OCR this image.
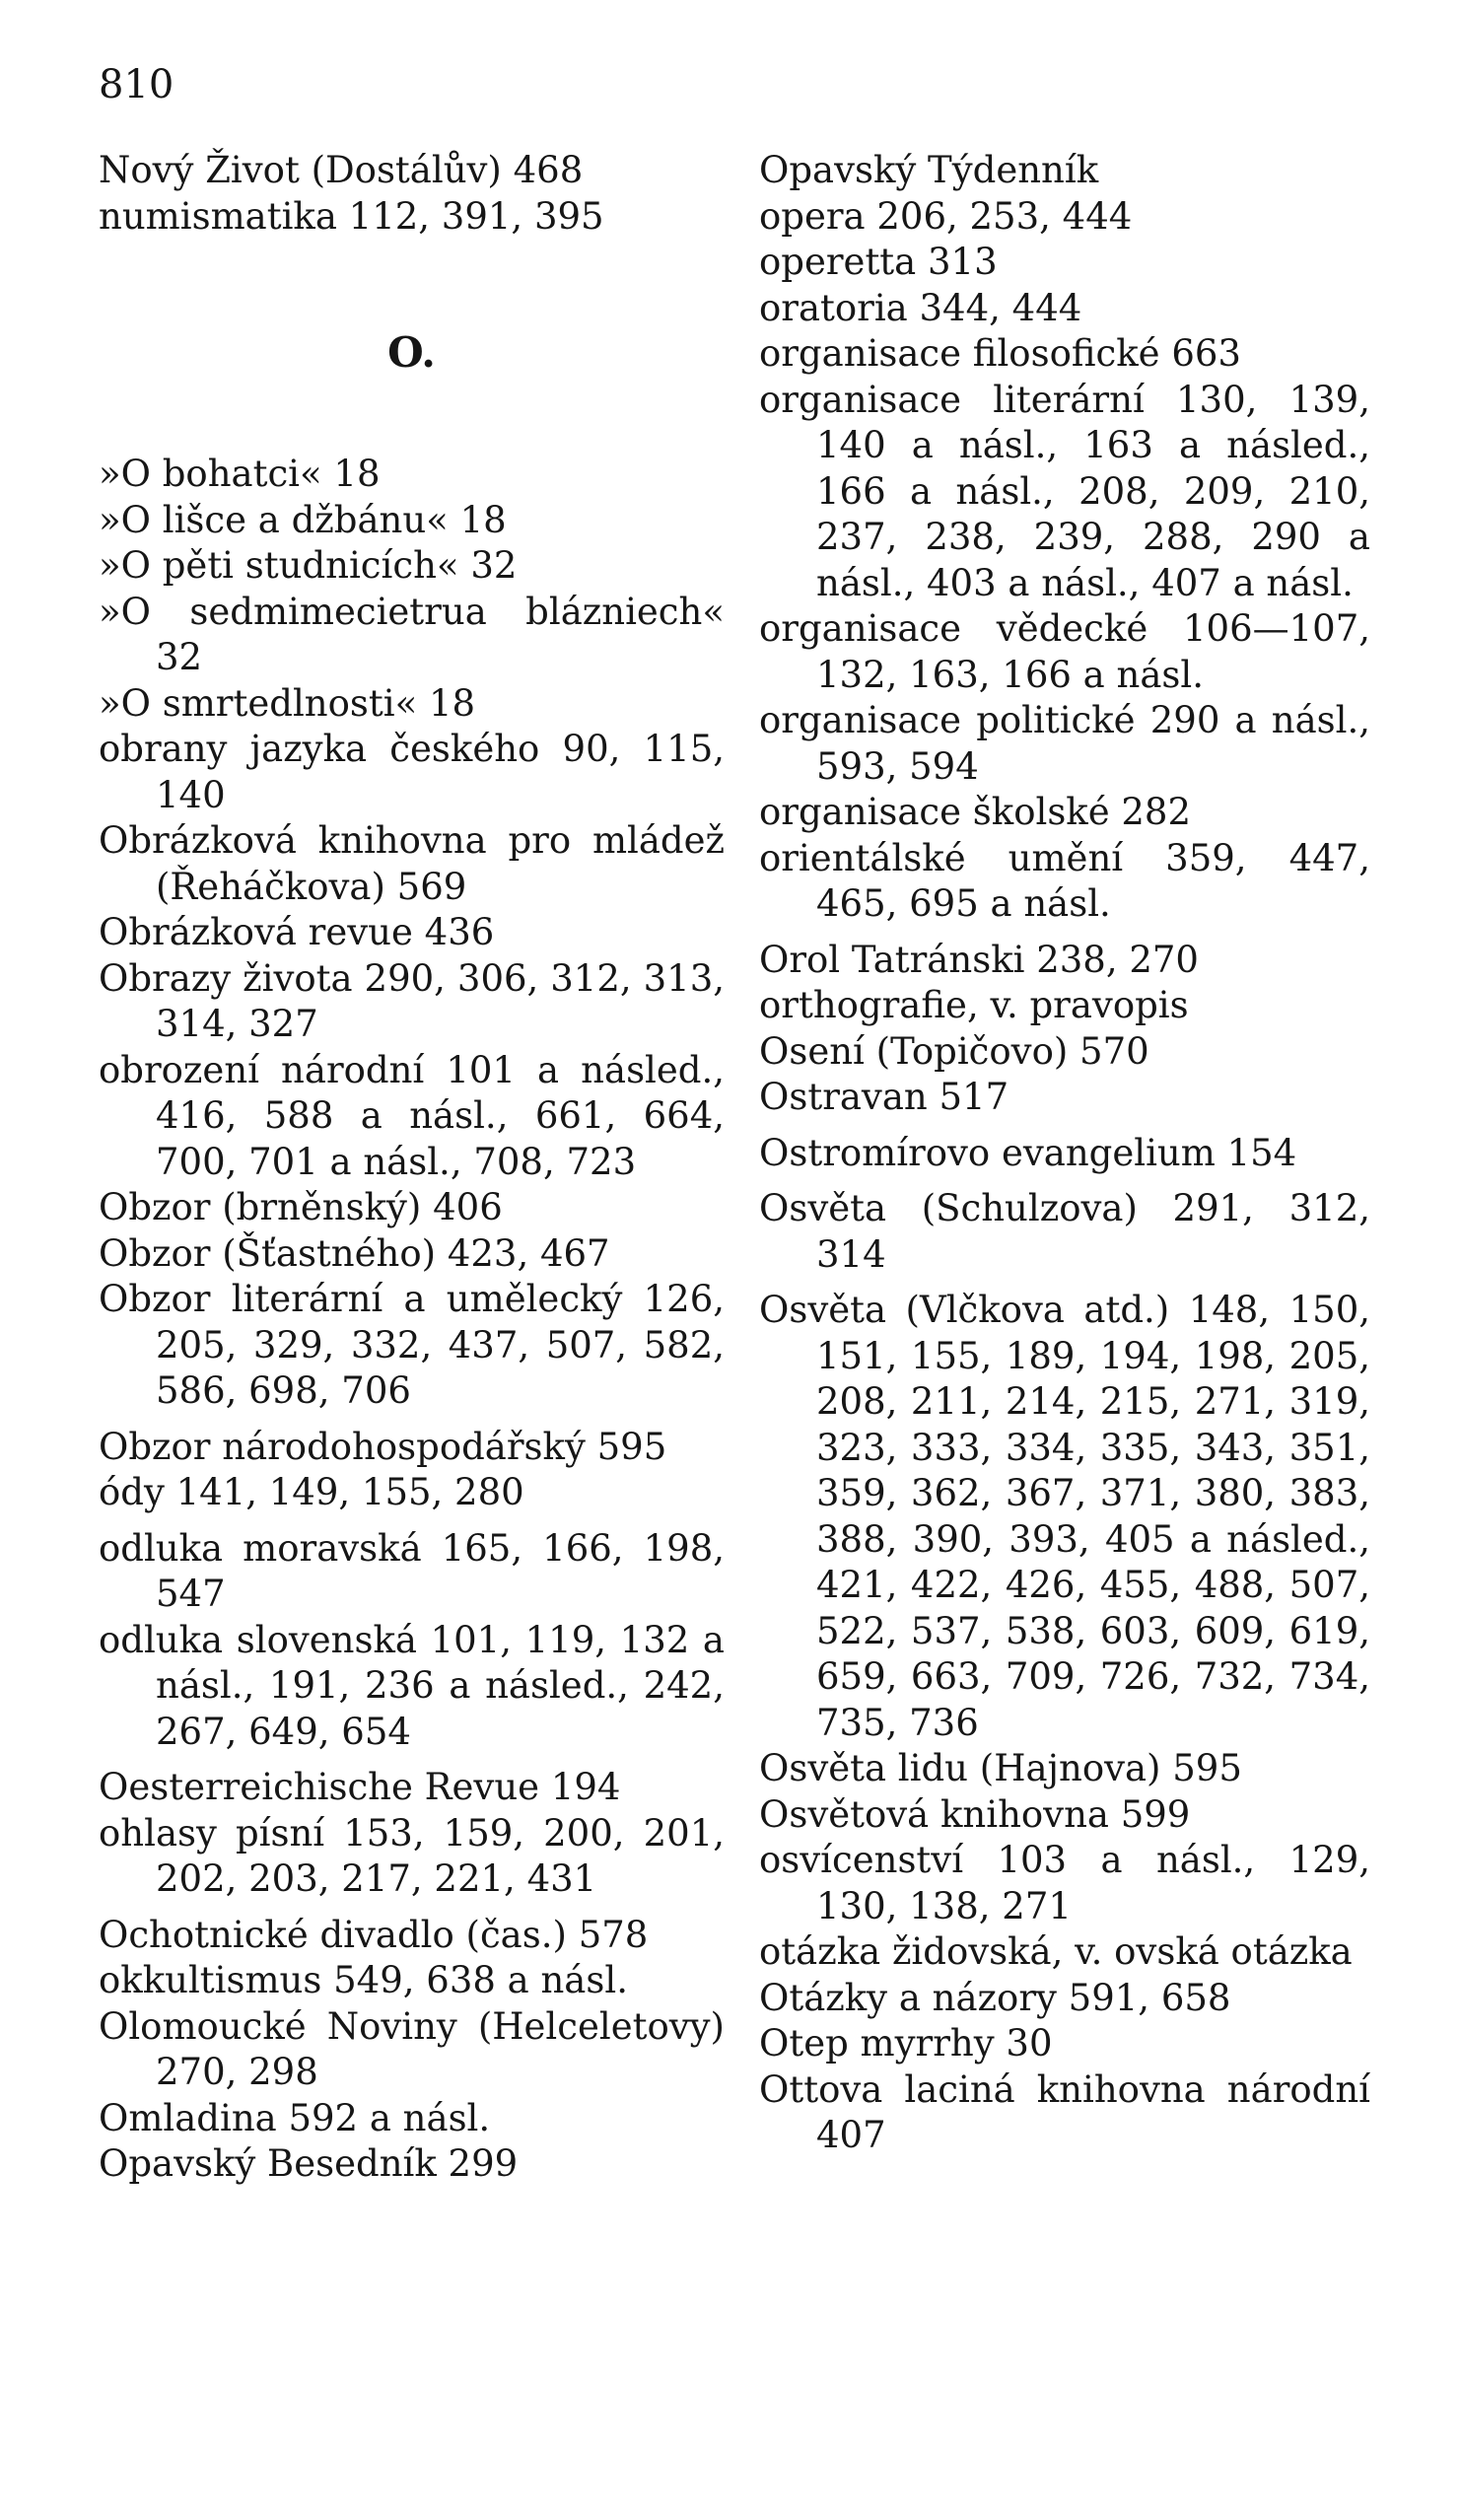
810
Nový Život (Dostálův) 468
numismatika 112, 391, 395
O.
»O bohatci« 18
»O lišce a džbánu« 18
»O pěti studnicích« 32
»O sedmimecietrua blázniech« 32
»O smrtedlnosti« 18
obrany jazyka českého 90, 115, 140
Obrázková knihovna pro mládež (Řeháčkova) 569
Obrázková revue 436
Obrazy života 290, 306, 312, 313, 314, 327
obrození národní 101 a násled., 416, 588 a násl., 661, 664, 700, 701 a násl., 708, 723
Obzor (brněnský) 406
Obzor (Šťastného) 423, 467
Obzor literární a umělecký 126, 205, 329, 332, 437, 507, 582, 586, 698, 706
Obzor národohospodářský 595
ódy 141, 149, 155, 280
odluka moravská 165, 166, 198, 547
odluka slovenská 101, 119, 132 a násl., 191, 236 a násled., 242, 267, 649, 654
Oesterreichische Revue 194
ohlasy písní 153, 159, 200, 201, 202, 203, 217, 221, 431
Ochotnické divadlo (čas.) 578
okkultismus 549, 638 a násl.
Olomoucké Noviny (Helceletovy) 270, 298
Omladina 592 a násl.
Opavský Besedník 299
Opavský Týdenník
opera 206, 253, 444
operetta 313
oratoria 344, 444
organisace filosofické 663
organisace literární 130, 139, 140 a násl., 163 a násled., 166 a násl., 208, 209, 210, 237, 238, 239, 288, 290 a násl., 403 a násl., 407 a násl.
organisace vědecké 106—107, 132, 163, 166 a násl.
organisace politické 290 a násl., 593, 594
organisace školské 282
orientálské umění 359, 447, 465, 695 a násl.
Orol Tatránski 238, 270
orthografie, v. pravopis
Osení (Topičovo) 570
Ostravan 517
Ostromírovo evangelium 154
Osvěta (Schulzova) 291, 312, 314
Osvěta (Vlčkova atd.) 148, 150, 151, 155, 189, 194, 198, 205, 208, 211, 214, 215, 271, 319, 323, 333, 334, 335, 343, 351, 359, 362, 367, 371, 380, 383, 388, 390, 393, 405 a násled., 421, 422, 426, 455, 488, 507, 522, 537, 538, 603, 609, 619, 659, 663, 709, 726, 732, 734, 735, 736
Osvěta lidu (Hajnova) 595
Osvětová knihovna 599
osvícenství 103 a násl., 129, 130, 138, 271
otázka židovská, v. ovská otázka
Otázky a názory 591, 658
Otep myrrhy 30
Ottova laciná knihovna národní 407
